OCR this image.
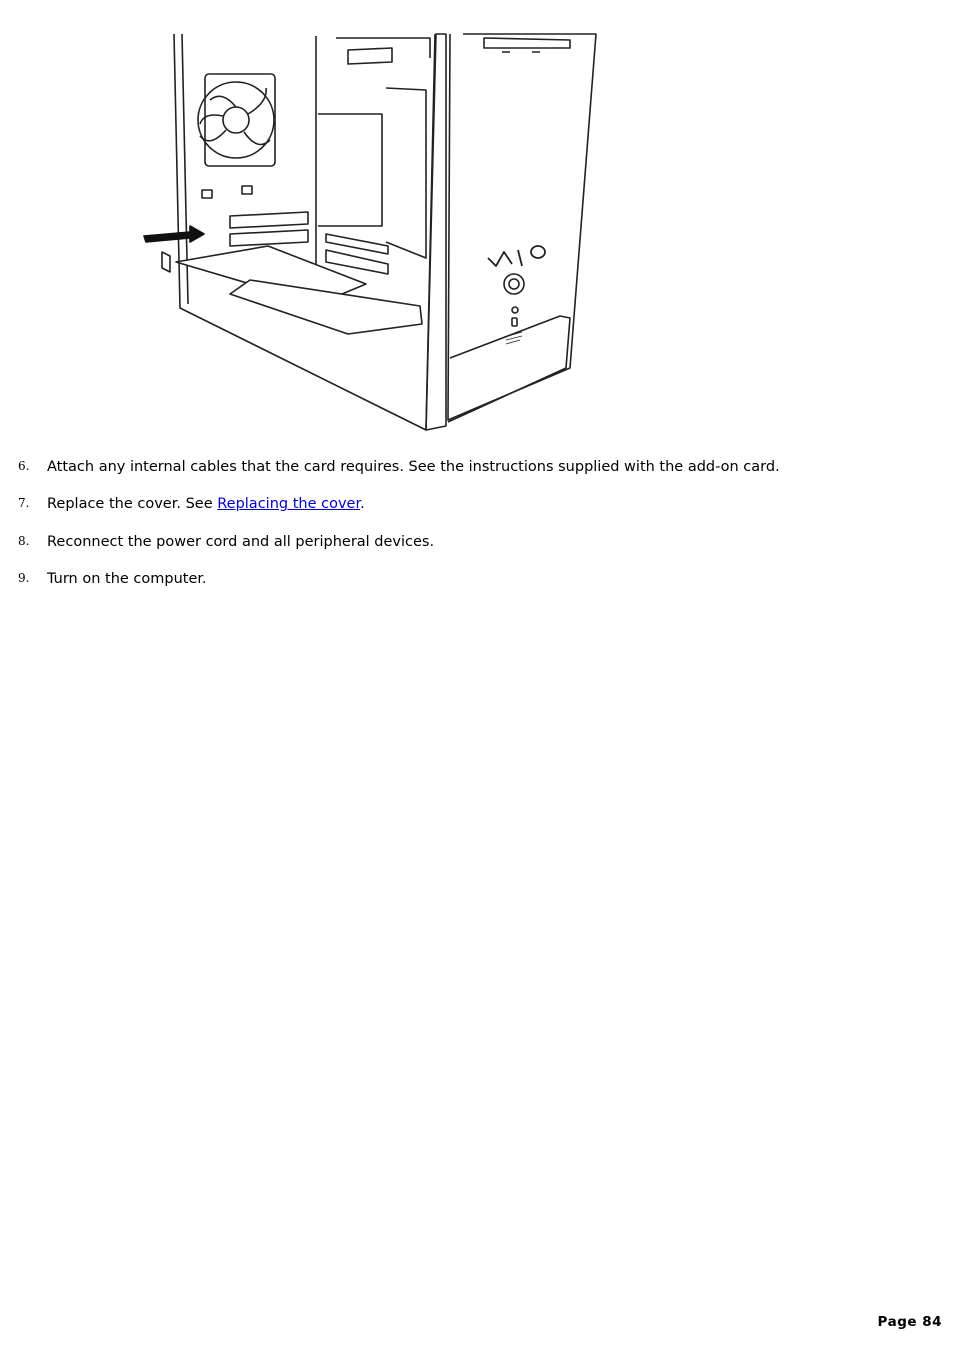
6. Attach any internal cables that the card requires. See the instructions supplied with the add-on card.
7. Replace the cover. See Replacing the cover.
8. Reconnect the power cord and all peripheral devices.
9. Turn on the computer.
Page 84
